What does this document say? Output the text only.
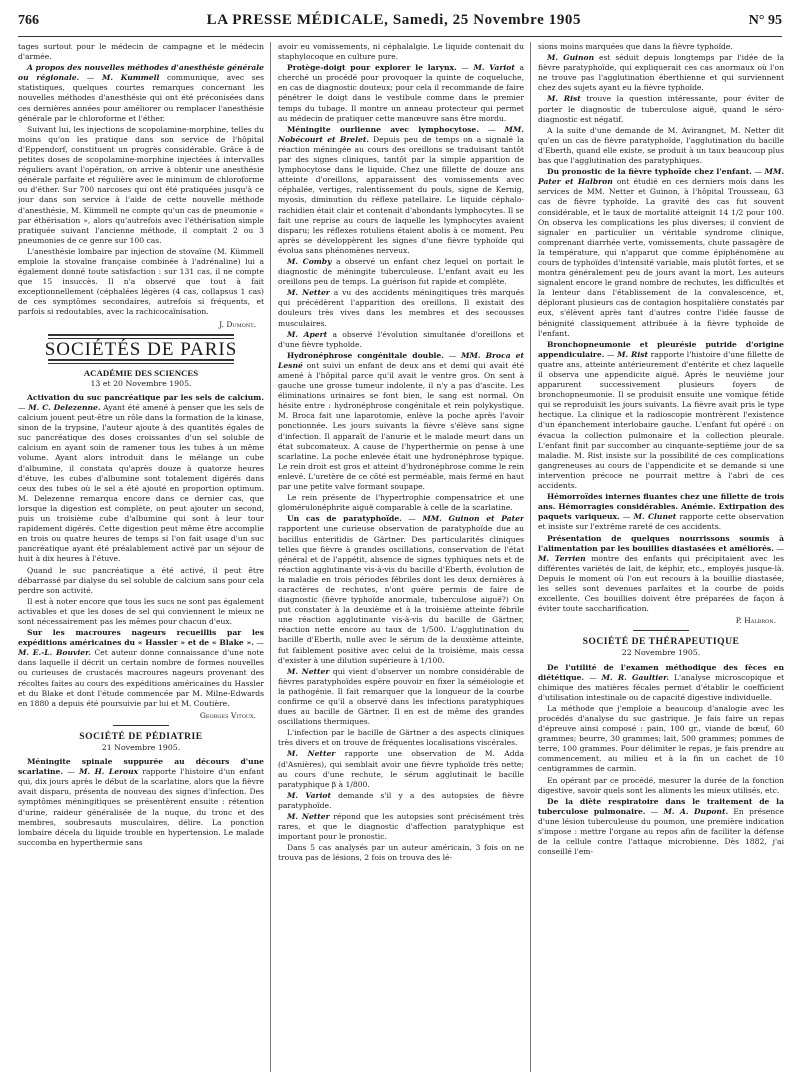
766	LA PRESSE MÉDICALE, Samedi, 25 Novembre 1905	N° 95

tages surtout pour le médecin de campagne et le médecin d'armée.

A propos des nouvelles méthodes d'anesthésie générale ou régionale. — M. Kummell communique, avec ses statistiques, quelques courtes remarques concernant les nouvelles méthodes d'anesthésie qui ont été préconisées dans ces dernières années pour améliorer ou remplacer l'anesthésie générale par le chloroforme et l'éther.

Suivant lui, les injections de scopolamine-morphine, telles du moins qu'on les pratique dans son service de l'hôpital d'Eppendorf, constituent un progrès considérable. Grâce à de petites doses de scopolamine-morphine injectées à intervalles réguliers avant l'opération, on arrive à obtenir une anesthésie générale parfaite et régulière avec le minimum de chloroforme ou d'éther. Sur 700 narcoses qui ont été pratiquées jusqu'à ce jour dans son service à l'aide de cette nouvelle méthode d'anesthésie, M. Kümmell ne compte qu'un cas de pneumonie « par éthérisation », alors qu'autrefois avec l'éthérisation simple pratiquée suivant l'ancienne méthode, il comptait 2 ou 3 pneumonies de ce genre sur 100 cas.

L'anesthésie lombaire par injection de stovaïne (M. Kümmell emploie la stovaïne française combinée à l'adrénaline) lui a également donné toute satisfaction : sur 131 cas, il ne compte que 15 insuccès. Il n'a observé que tout à fait exceptionnellement (céphalées légères (4 cas, collapsus 1 cas) de ces symptômes secondaires, autrefois si fréquents, et parfois si redoutables, avec la rachicocaïnisation.

J. Dumont.
SOCIÉTÉS DE PARIS
ACADÉMIE DES SCIENCES
13 et 20 Novembre 1905.

Activation du suc pancréatique par les sels de calcium. — M. C. Delezenne. Ayant été amené à penser que les sels de calcium jouent peut-être un rôle dans la formation de la kinase, sinon de la trypsine, l'auteur ajoute à des quantités égales de suc pancréatique des doses croissantes d'un sel soluble de calcium en ayant soin de ramener tous les tubes à un même volume. Ayant alors introduit dans le mélange un cube d'albumine, il constata qu'après douze à quatorze heures d'étuve, les cubes d'albumine sont totalement digérés dans ceux des tubes où le sel a été ajouté en proportion optimum. M. Delezenne remarqua encore dans ce dernier cas, que lorsque la digestion est complète, on peut ajouter un second, puis un troisième cube d'albumine qui sont à leur tour rapidement digérés. Cette digestion peut même être accomplie en trois ou quatre heures de temps si l'on fait usage d'un suc pancréatique ayant été préalablement activé par un séjour de huit à dix heures à l'étuve.

Quand le suc pancréatique a été activé, il peut être débarrassé par dialyse du sel soluble de calcium sans pour cela perdre son activité.

Il est à noter encore que tous les sucs ne sont pas également activables et que les doses de sel qui conviennent le mieux ne sont nécessairement pas les mêmes pour chacun d'eux.

Sur les macroures nageurs recueillis par les expéditions américaines du « Hassler » et de « Blake ». — M. E.-L. Bouvier. Cet auteur donne connaissance d'une note dans laquelle il décrit un certain nombre de formes nouvelles ou curieuses de crustacés macroures nageurs provenant des récoltes faites au cours des expéditions américaines du Hassler et du Blake et dont l'étude commencée par M. Milne-Edwards en 1880 a depuis été poursuivie par lui et M. Coutière.

Georges Vitoux.
SOCIÉTÉ DE PÉDIATRIE
21 Novembre 1905.

Méningite spinale suppurée au décours d'une scarlatine. — M. H. Leroux rapporte l'histoire d'un enfant qui, dix jours après le début de la scarlatine, alors que la fièvre avait disparu, présenta de nouveau des signes d'infection. Des symptômes méningitiques se présentèrent ensuite : rétention d'urine, raideur généralisée de la nuque, du tronc et des membres, soubresauts musculaires, délire. La ponction lombaire décela du liquide trouble en hypertension. Le malade succomba en hyperthermie sans

avoir eu vomissements, ni céphalalgie. Le liquide contenait du staphylocoque en culture pure.

Protège-doigt pour explorer le larynx. — M. Variot a cherché un procédé pour provoquer la quinte de coqueluche, en cas de diagnostic douteux; pour cela il recommande de faire pénétrer le doigt dans le vestibule comme dans le premier temps du tubage. Il montre un anneau protecteur qui permet au médecin de pratiquer cette manœuvre sans être mordu.

Méningite ourlienne avec lymphocytose. — MM. Nobécourt et Brelet. Depuis peu de temps on a signalé la réaction méningée au cours des oreillons se traduisant tantôt par des signes cliniques, tantôt par la simple apparition de lymphocytose dans le liquide. Chez une fillette de douze ans atteinte d'oreillons, apparaissent des vomissements avec céphalée, vertiges, ralentissement du pouls, signe de Kernig, myosis, diminution du réflexe patellaire. Le liquide céphalo-rachidien était clair et contenait d'abondants lymphocytes. Il se fait une reprise au cours de laquelle les lymphocytes avaient disparu; les réflexes rotuliens étaient abolis à ce moment. Peu après se développèrent les signes d'une fièvre typhoïde qui évolua sans phénomènes nerveux.

M. Comby a observé un enfant chez lequel on portait le diagnostic de méningite tuberculeuse. L'enfant avait eu les oreillons peu de temps. La guérison fut rapide et complète.

M. Netter a vu des accidents méningitiques très marqués qui précédèrent l'apparition des oreillons. Il existait des douleurs très vives dans les membres et des secousses musculaires.

M. Apert a observé l'évolution simultanée d'oreillons et d'une fièvre typhoïde.

Hydronéphrose congénitale double. — MM. Broca et Lesné ont suivi un enfant de deux ans et demi qui avait été amené à l'hôpital parce qu'il avait le ventre gros. On sent à gauche une grosse tumeur indolente, il n'y a pas d'ascite. Les éliminations urinaires se font bien, le sang est normal. On hésite entre : hydronéphrose congénitale et rein polykystique. M. Broca fait une laparotomie, enlève la poche après l'avoir ponctionnée. Les jours suivants la fièvre s'élève sans signe d'infection. Il apparaît de l'anurie et le malade meurt dans un état subcomateux. A cause de l'hyperthermie on pense à une scarlatine. La poche enlevée était une hydronéphrose typique. Le rein droit est gros et atteint d'hydronéphrose comme le rein enlevé. L'uretère de ce côté est perméable, mais fermé en haut par une petite valve formant soupape.

Le rein présente de l'hypertrophie compensatrice et une glomérulonéphrite aiguë comparable à celle de la scarlatine.

Un cas de paratyphoïde. — MM. Guinon et Pater rapportent une curieuse observation de paratyphoïde due au bacillus enteritidis de Gärtner. Des particularités cliniques telles que fièvre à grandes oscillations, conservation de l'état général et de l'appétit, absence de signes typhiques nets et de réaction agglutinante vis-à-vis du bacille d'Eberth, évolution de la maladie en trois périodes fébriles dont les deux dernières à caractères de rechutes, n'ont guère permis de faire de diagnostic (fièvre typhoïde anormale, tuberculose aiguë?) On put constater à la deuxième et à la troisième atteinte fébrile une réaction agglutinante vis-à-vis du bacille de Gärtner, réaction nette encore au taux de 1/500. L'agglutination du bacille d'Eberth, nulle avec le sérum de la deuxième atteinte, fut faiblement positive avec celui de la troisième, mais cessa d'exister à une dilution supérieure à 1/100.

M. Netter qui vient d'observer un nombre considérable de fièvres paratyphoïdes espère pouvoir en fixer la séméiologie et la pathogénie. Il fait remarquer que la longueur de la courbe confirme ce qu'il a observé dans les infections paratyphiques dues au bacille de Gärtner. Il en est de même des grandes oscillations thermiques.

L'infection par le bacille de Gärtner a des aspects cliniques très divers et on trouve de fréquentes localisations viscérales.

M. Netter rapporte une observation de M. Adda (d'Asnières), qui semblait avoir une fièvre typhoïde très nette; au cours d'une rechute, le sérum agglutinait le bacille paratyphique β à 1/800.

M. Variot demande s'il y a des autopsies de fièvre paratyphoïde.

M. Netter répond que les autopsies sont précisément très rares, et que le diagnostic d'affection paratyphique est important pour le pronostic.

Dans 5 cas analysés par un auteur américain, 3 fois on ne trouva pas de lésions, 2 fois on trouva des lé-

sions moins marquées que dans la fièvre typhoïde.

M. Guinon est séduit depuis longtemps par l'idée de la fièvre paratyphoïde, qui expliquerait ces cas anormaux où l'on ne trouve pas l'agglutination éberthienne et qui surviennent chez des sujets ayant eu la fièvre typhoïde.

M. Rist trouve la question intéressante, pour éviter de porter le diagnostic de tuberculose aiguë, quand le séro-diagnostic est négatif.

A la suite d'une demande de M. Avirangnet, M. Netter dit qu'en un cas de fièvre paratyphoïde, l'agglutination du bacille d'Eberth, quand elle existe, se produit à un taux beaucoup plus bas que l'agglutination des paratyphiques.

Du pronostic de la fièvre typhoïde chez l'enfant. — MM. Pater et Halbron ont étudié en ces derniers mois dans les services de MM. Netter et Guinon, à l'hôpital Trousseau, 63 cas de fièvre typhoïde. La gravité des cas fut souvent considérable, et le taux de mortalité atteignit 14 1/2 pour 100. On observa les complications les plus diverses; il convient de signaler en particulier un véritable syndrome clinique, comprenant diarrhée verte, vomissements, chute passagère de la température, qui n'apparut que comme épiphénomène au cours de typhoïdes d'intensité variable, mais plutôt fortes, et se montra généralement peu de jours avant la mort. Les auteurs signalent encore le grand nombre de rechutes, les difficultés et la lenteur dans l'établissement de la convalescence, et, déplorant plusieurs cas de contagion hospitalière constatés par eux, s'élèvent après tant d'autres contre l'idée fausse de bénignité classiquement attribuée à la fièvre typhoïde de l'enfant.

Bronchopneumonie et pleurésie putride d'origine appendiculaire. — M. Rist rapporte l'histoire d'une fillette de quatre ans, atteinte antérieurement d'entérite et chez laquelle il observa une appendicite aiguë. Après le neuvième jour apparurent successivement plusieurs foyers de bronchopneumonie. Il se produisit ensuite une vomique fétide qui se reproduisit les jours suivants. La fièvre avait pris le type hectique. La clinique et la radioscopie montrèrent l'existence d'un épanchement interlobaire gauche. L'enfant fut opéré : on évacua la collection pulmonaire et la collection pleurale. L'enfant finit par succomber au cinquante-septième jour de sa maladie. M. Rist insiste sur la possibilité de ces complications gangreneuses au cours de l'appendicite et se demande si une intervention précoce ne pourrait mettre à l'abri de ces accidents.

Hémorroïdes internes fluantes chez une fillette de trois ans. Hémorragies considérables. Anémie. Extirpation des paquets variqueux. — M. Clunet rapporte cette observation et insiste sur l'extrême rareté de ces accidents.

Présentation de quelques nourrissons soumis à l'alimentation par les bouillies diastasées et améliorés. — M. Terrien montre des enfants qui précipitaient avec les différentes variétés de lait, de képhir, etc., employés jusque-là. Depuis le moment où l'on eut recours à la bouillie diastasée, les selles sont devenues parfaites et la courbe de poids excellente. Ces bouillies doivent être préparées de façon à éviter toute saccharification.

P. Halbron.
SOCIÉTÉ DE THÉRAPEUTIQUE
22 Novembre 1905.

De l'utilité de l'examen méthodique des fèces en diététique. — M. R. Gaultier. L'analyse microscopique et chimique des matières fécales permet d'établir le coefficient d'utilisation intestinale ou de capacité digestive individuelle.

La méthode que j'emploie a beaucoup d'analogie avec les procédés d'analyse du suc gastrique. Je fais faire un repas d'épreuve ainsi composé : pain, 100 gr., viande de bœuf, 60 grammes; beurre, 30 grammes; lait, 500 grammes; pommes de terre, 100 grammes. Pour délimiter le repas, je fais prendre au commencement, au milieu et à la fin un cachet de 10 centigrammes de carmin.

En opérant par ce procédé, mesurer la durée de la fonction digestive, savoir quels sont les aliments les mieux utilisés, etc.

De la diète respiratoire dans le traitement de la tuberculose pulmonaire. — M. A. Dupont. En présence d'une lésion tuberculeuse du poumon, une première indication s'impose : mettre l'organe au repos afin de faciliter la défense de la cellule contre l'attaque microbienne. Dès 1882, j'ai conseillé l'em-
